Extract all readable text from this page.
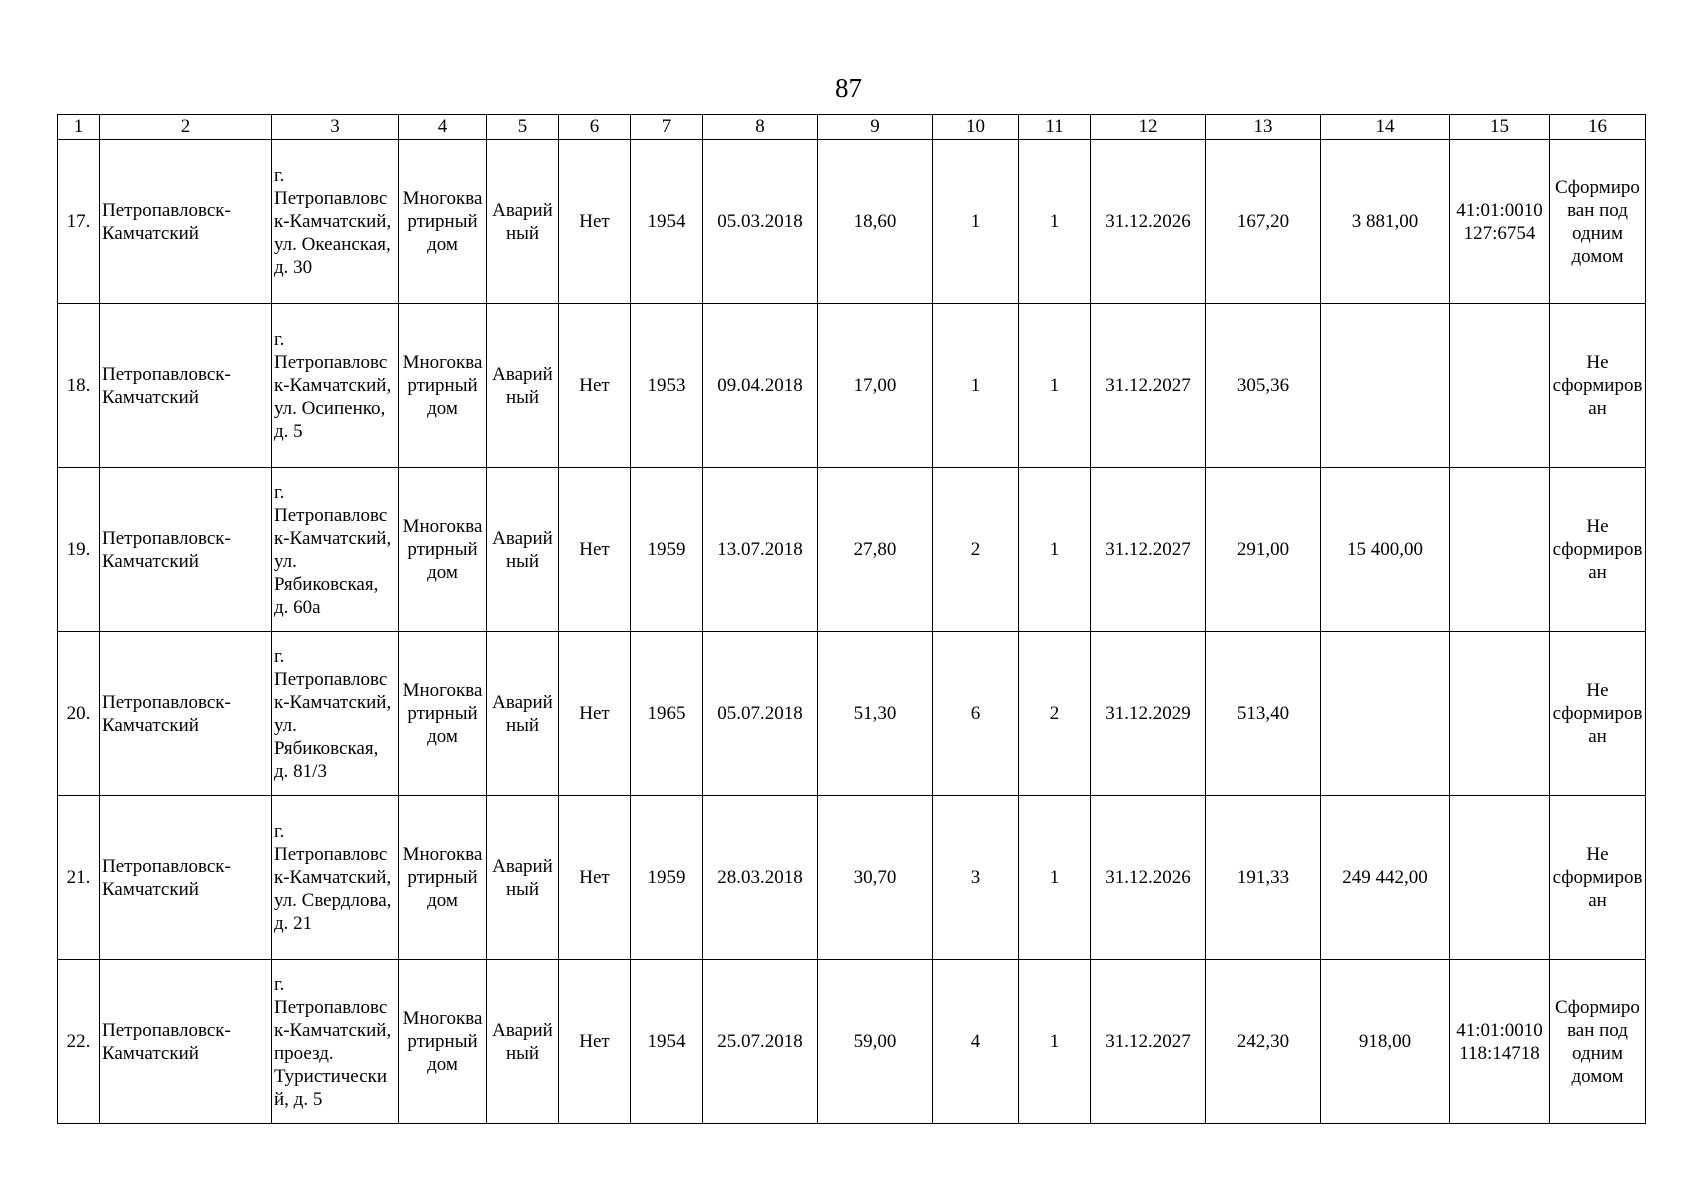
87
1	2	3	4	5	6	7	8	9	10	11	12	13	14	15	16
17.	Петропавловск-Камчатский	г. Петропавловск-Камчатский, ул. Океанская, д. 30	Многоквартирный дом	Аварийный	Нет	1954	05.03.2018	18,60	1	1	31.12.2026	167,20	3 881,00	41:01:0010127:6754	Сформирован под одним домом
18.	Петропавловск-Камчатский	г. Петропавловск-Камчатский, ул. Осипенко, д. 5	Многоквартирный дом	Аварийный	Нет	1953	09.04.2018	17,00	1	1	31.12.2027	305,36			Не сформирован
19.	Петропавловск-Камчатский	г. Петропавловск-Камчатский, ул. Рябиковская, д. 60а	Многоквартирный дом	Аварийный	Нет	1959	13.07.2018	27,80	2	1	31.12.2027	291,00	15 400,00		Не сформирован
20.	Петропавловск-Камчатский	г. Петропавловск-Камчатский, ул. Рябиковская, д. 81/3	Многоквартирный дом	Аварийный	Нет	1965	05.07.2018	51,30	6	2	31.12.2029	513,40			Не сформирован
21.	Петропавловск-Камчатский	г. Петропавловск-Камчатский, ул. Свердлова, д. 21	Многоквартирный дом	Аварийный	Нет	1959	28.03.2018	30,70	3	1	31.12.2026	191,33	249 442,00		Не сформирован
22.	Петропавловск-Камчатский	г. Петропавловск-Камчатский, проезд. Туристический, д. 5	Многоквартирный дом	Аварийный	Нет	1954	25.07.2018	59,00	4	1	31.12.2027	242,30	918,00	41:01:0010118:14718	Сформирован под одним домом
